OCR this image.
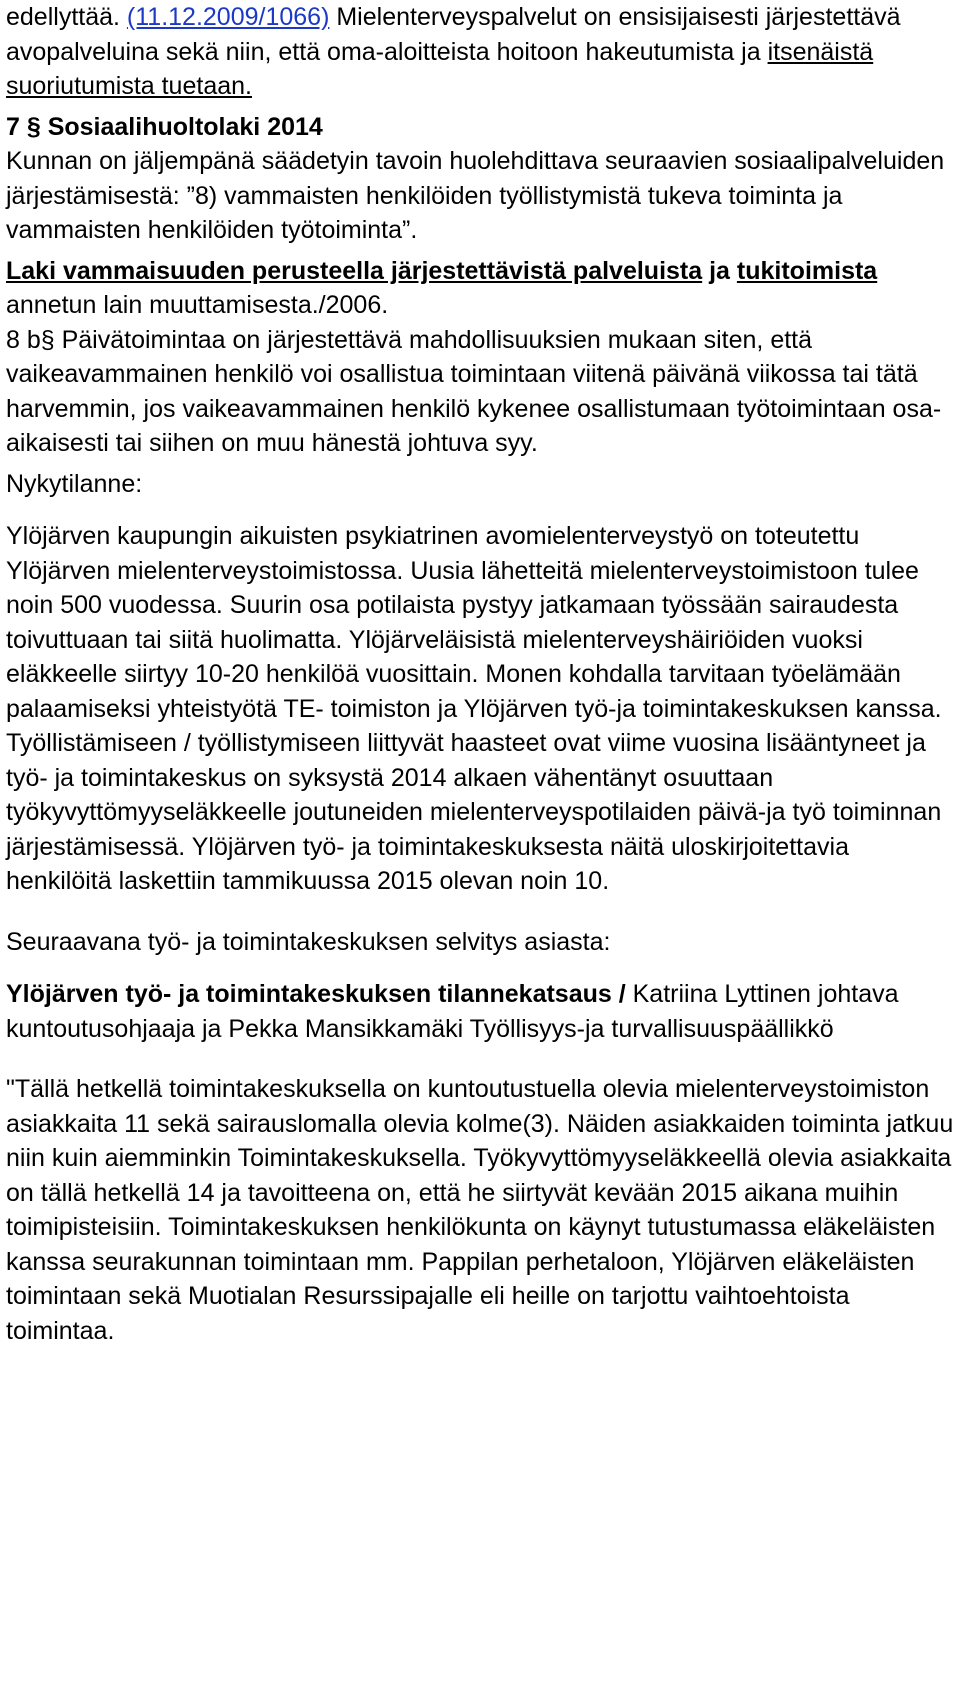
edellyttää. (11.12.2009/1066) Mielenterveyspalvelut on ensisijaisesti järjestettävä avopalveluina sekä niin, että oma-aloitteista hoitoon hakeutumista ja itsenäistä suoriutumista tuetaan.

7 § Sosiaalihuoltolaki 2014
Kunnan on jäljempänä säädetyin tavoin huolehdittava seuraavien sosiaalipalveluiden järjestämisestä: ”8) vammaisten henkilöiden työllistymistä tukeva toiminta ja vammaisten henkilöiden työtoiminta”.

Laki vammaisuuden perusteella järjestettävistä palveluista ja tukitoimista annetun lain muuttamisesta./2006.

8 b§ Päivätoimintaa on järjestettävä mahdollisuuksien mukaan siten, että vaikeavammainen henkilö voi osallistua toimintaan viitenä päivänä viikossa tai tätä harvemmin, jos vaikeavammainen henkilö kykenee osallistumaan työtoimintaan osa-aikaisesti tai siihen on muu hänestä johtuva syy.

Nykytilanne:

Ylöjärven kaupungin aikuisten psykiatrinen avomielenterveystyö on toteutettu Ylöjärven mielenterveystoimistossa. Uusia lähetteitä mielenterveystoimistoon tulee noin 500 vuodessa. Suurin osa potilaista pystyy jatkamaan työssään sairaudesta toivuttuaan tai siitä huolimatta. Ylöjärveläisistä mielenterveyshäiriöiden vuoksi eläkkeelle siirtyy 10-20 henkilöä vuosittain. Monen kohdalla tarvitaan työelämään palaamiseksi yhteistyötä TE- toimiston ja Ylöjärven työ-ja toimintakeskuksen kanssa. Työllistämiseen / työllistymiseen liittyvät haasteet ovat viime vuosina lisääntyneet ja työ- ja toimintakeskus on syksystä 2014 alkaen vähentänyt osuuttaan työkyvyttömyyseläkkeelle joutuneiden mielenterveyspotilaiden päivä-ja työ toiminnan järjestämisessä. Ylöjärven työ- ja toimintakeskuksesta näitä uloskirjoitettavia henkilöitä laskettiin tammikuussa 2015 olevan noin 10.

Seuraavana työ- ja toimintakeskuksen selvitys asiasta:

Ylöjärven työ- ja toimintakeskuksen tilannekatsaus / Katriina Lyttinen johtava kuntoutusohjaaja ja Pekka Mansikkamäki Työllisyys-ja turvallisuuspäällikkö

"Tällä hetkellä toimintakeskuksella on kuntoutustuella olevia mielenterveystoimiston asiakkaita 11 sekä sairauslomalla olevia kolme(3). Näiden asiakkaiden toiminta jatkuu niin kuin aiemminkin Toimintakeskuksella. Työkyvyttömyyseläkkeellä olevia asiakkaita on tällä hetkellä 14 ja tavoitteena on, että he siirtyvät kevään 2015 aikana muihin toimipisteisiin. Toimintakeskuksen henkilökunta on käynyt tutustumassa eläkeläisten kanssa seurakunnan toimintaan mm. Pappilan perhetaloon, Ylöjärven eläkeläisten toimintaan sekä Muotialan Resurssipajalle eli heille on tarjottu vaihtoehtoista toimintaa.
